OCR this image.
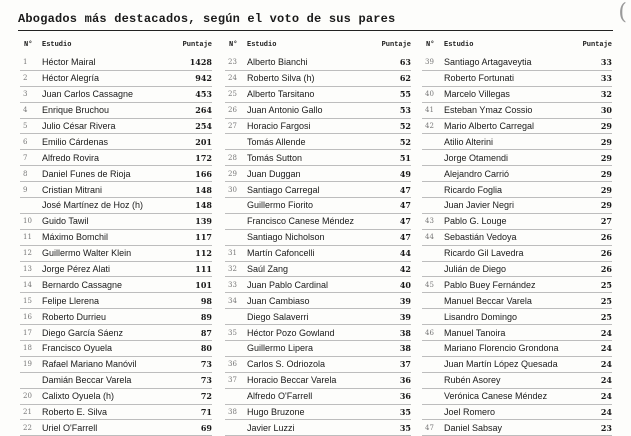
Abogados más destacados, según el voto de sus pares	(
N°	Estudio	Puntaje
1	Héctor Mairal	1428
2	Héctor Alegría	942
3	Juan Carlos Cassagne	453
4	Enrique Bruchou	264
5	Julio César Rivera	254
6	Emilio Cárdenas	201
7	Alfredo Rovira	172
8	Daniel Funes de Rioja	166
9	Cristian Mitrani	148
José Martínez de Hoz (h)	148
10	Guido Tawil	139
11	Máximo Bomchil	117
12	Guillermo Walter Klein	112
13	Jorge Pérez Alati	111
14	Bernardo Cassagne	101
15	Felipe Llerena	98
16	Roberto Durrieu	89
17	Diego García Sáenz	87
18	Francisco Oyuela	80
19	Rafael Mariano Manóvil	73
Damián Beccar Varela	73
20	Calixto Oyuela (h)	72
21	Roberto E. Silva	71
22	Uriel O'Farrell	69
N°	Estudio	Puntaje
23	Alberto Bianchi	63
24	Roberto Silva (h)	62
25	Alberto Tarsitano	55
26	Juan Antonio Gallo	53
27	Horacio Fargosi	52
Tomás Allende	52
28	Tomás Sutton	51
29	Juan Duggan	49
30	Santiago Carregal	47
Guillermo Fiorito	47
Francisco Canese Méndez	47
Santiago Nicholson	47
31	Martín Cafoncelli	44
32	Saúl Zang	42
33	Juan Pablo Cardinal	40
34	Juan Cambiaso	39
Diego Salaverri	39
35	Héctor Pozo Gowland	38
Guillermo Lipera	38
36	Carlos S. Odriozola	37
37	Horacio Beccar Varela	36
Alfredo O'Farrell	36
38	Hugo Bruzone	35
Javier Luzzi	35
N°	Estudio	Puntaje
39	Santiago Artagaveytia	33
Roberto Fortunati	33
40	Marcelo Villegas	32
41	Esteban Ymaz Cossio	30
42	Mario Alberto Carregal	29
Atilio Alterini	29
Jorge Otamendi	29
Alejandro Carrió	29
Ricardo Foglia	29
Juan Javier Negri	29
43	Pablo G. Louge	27
44	Sebastián Vedoya	26
Ricardo Gil Lavedra	26
Julián de Diego	26
45	Pablo Buey Fernández	25
Manuel Beccar Varela	25
Lisandro Domingo	25
46	Manuel Tanoira	24
Mariano Florencio Grondona	24
Juan Martín López Quesada	24
Rubén Asorey	24
Verónica Canese Méndez	24
Joel Romero	24
47	Daniel Sabsay	23
